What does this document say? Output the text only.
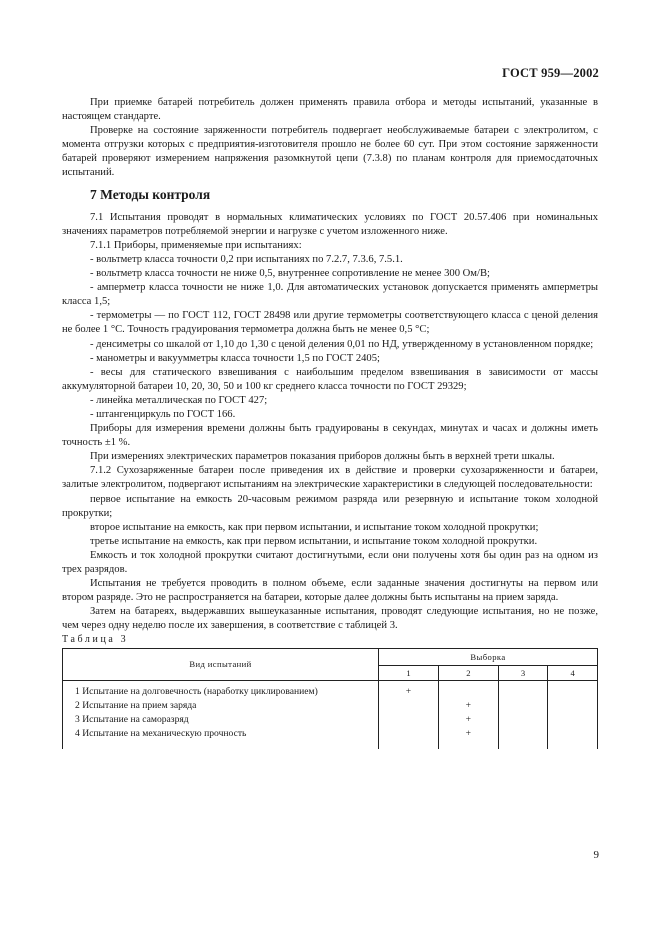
ГОСТ 959—2002

При приемке батарей потребитель должен применять правила отбора и методы испытаний, указанные в настоящем стандарте.

Проверке на состояние заряженности потребитель подвергает необслуживаемые батареи с электролитом, с момента отгрузки которых с предприятия-изготовителя прошло не более 60 сут. При этом состояние заряженности батарей проверяют измерением напряжения разомкнутой цепи (7.3.8) по планам контроля для приемосдаточных испытаний.

7 Методы контроля

7.1 Испытания проводят в нормальных климатических условиях по ГОСТ 20.57.406 при номинальных значениях параметров потребляемой энергии и нагрузке с учетом изложенного ниже.

7.1.1 Приборы, применяемые при испытаниях:

- вольтметр класса точности 0,2 при испытаниях по 7.2.7, 7.3.6, 7.5.1.

- вольтметр класса точности не ниже 0,5, внутреннее сопротивление не менее 300 Ом/В;

- амперметр класса точности не ниже 1,0. Для автоматических установок допускается применять амперметры класса 1,5;

- термометры — по ГОСТ 112, ГОСТ 28498 или другие термометры соответствующего класса с ценой деления не более 1 °С. Точность градуирования термометра должна быть не менее 0,5 °С;

- денсиметры со шкалой от 1,10 до 1,30 с ценой деления 0,01 по НД, утвержденному в установленном порядке;

- манометры и вакуумметры класса точности 1,5 по ГОСТ 2405;

- весы для статического взвешивания с наибольшим пределом взвешивания в зависимости от массы аккумуляторной батареи 10, 20, 30, 50 и 100 кг среднего класса точности по ГОСТ 29329;

- линейка металлическая по ГОСТ 427;

- штангенциркуль по ГОСТ 166.

Приборы для измерения времени должны быть градуированы в секундах, минутах и часах и должны иметь точность ±1 %.

При измерениях электрических параметров показания приборов должны быть в верхней трети шкалы.

7.1.2 Сухозаряженные батареи после приведения их в действие и проверки сухозаряженности и батареи, залитые электролитом, подвергают испытаниям на электрические характеристики в следующей последовательности:

первое испытание на емкость 20-часовым режимом разряда или резервную и испытание током холодной прокрутки;

второе испытание на емкость, как при первом испытании, и испытание током холодной прокрутки;

третье испытание на емкость, как при первом испытании, и испытание током холодной прокрутки.

Емкость и ток холодной прокрутки считают достигнутыми, если они получены хотя бы один раз на одном из трех разрядов.

Испытания не требуется проводить в полном объеме, если заданные значения достигнуты на первом или втором разряде. Это не распространяется на батареи, которые далее должны быть испытаны на прием заряда.

Затем на батареях, выдержавших вышеуказанные испытания, проводят следующие испытания, но не позже, чем через одну неделю после их завершения, в соответствие с таблицей 3.

Таблица 3

Вид испытаний	Выборка			
	1	2	3	4
1 Испытание на долговечность (наработку циклированием)	+			
2 Испытание на прием заряда		+		
3 Испытание на саморазряд		+		
4 Испытание на механическую прочность		+		
9
